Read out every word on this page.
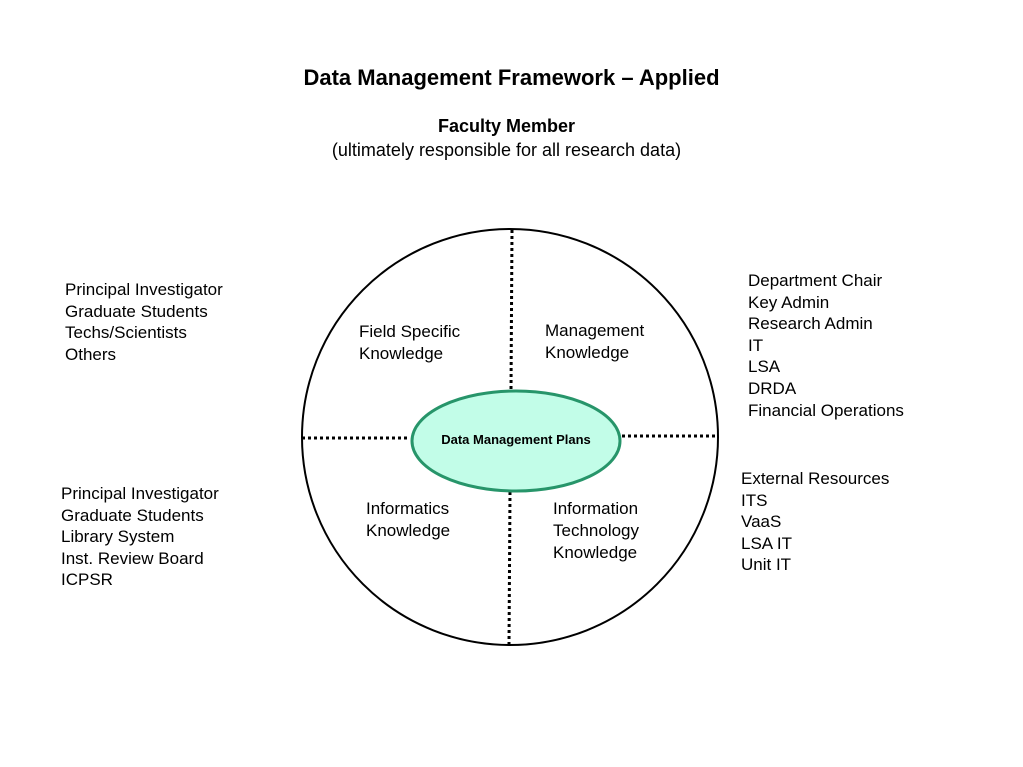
Data Management Framework – Applied
Faculty Member
(ultimately responsible for all research data)
Data Management Plans
Field Specific
Knowledge
Management
Knowledge
Informatics
Knowledge
Information
Technology
Knowledge
Principal Investigator
Graduate Students
Techs/Scientists
Others
Department Chair
Key Admin
Research Admin
IT
LSA
DRDA
Financial Operations
Principal Investigator
Graduate Students
Library System
Inst. Review Board
ICPSR
External Resources
ITS
VaaS
LSA IT
Unit IT
